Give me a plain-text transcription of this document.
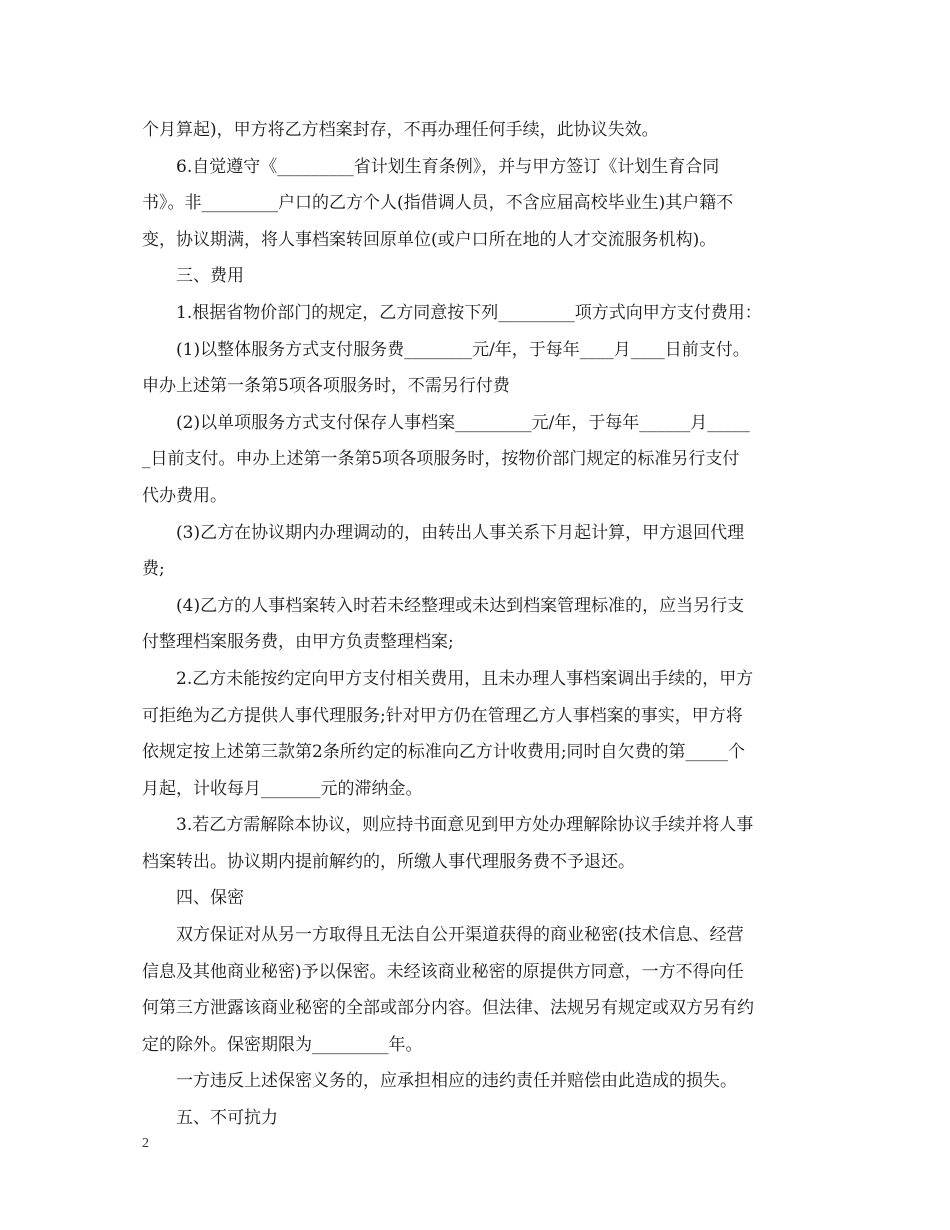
个月算起)，甲方将乙方档案封存，不再办理任何手续，此协议失效。
6.自觉遵守《_________省计划生育条例》，并与甲方签订《计划生育合同
书》。非_________户口的乙方个人(指借调人员，不含应届高校毕业生)其户籍不
变，协议期满，将人事档案转回原单位(或户口所在地的人才交流服务机构)。
三、费用
1.根据省物价部门的规定，乙方同意按下列_________项方式向甲方支付费用：
(1)以整体服务方式支付服务费________元/年，于每年____月____日前支付。
申办上述第一条第5项各项服务时，不需另行付费
(2)以单项服务方式支付保存人事档案_________元/年，于每年______月_____
_日前支付。申办上述第一条第5项各项服务时，按物价部门规定的标准另行支付
代办费用。
(3)乙方在协议期内办理调动的，由转出人事关系下月起计算，甲方退回代理
费;
(4)乙方的人事档案转入时若未经整理或未达到档案管理标准的，应当另行支
付整理档案服务费，由甲方负责整理档案;
2.乙方未能按约定向甲方支付相关费用，且未办理人事档案调出手续的，甲方
可拒绝为乙方提供人事代理服务;针对甲方仍在管理乙方人事档案的事实，甲方将
依规定按上述第三款第2条所约定的标准向乙方计收费用;同时自欠费的第_____个
月起，计收每月_______元的滞纳金。
3.若乙方需解除本协议，则应持书面意见到甲方处办理解除协议手续并将人事
档案转出。协议期内提前解约的，所缴人事代理服务费不予退还。
四、保密
双方保证对从另一方取得且无法自公开渠道获得的商业秘密(技术信息、经营
信息及其他商业秘密)予以保密。未经该商业秘密的原提供方同意，一方不得向任
何第三方泄露该商业秘密的全部或部分内容。但法律、法规另有规定或双方另有约
定的除外。保密期限为_________年。
一方违反上述保密义务的，应承担相应的违约责任并赔偿由此造成的损失。
五、不可抗力
2
